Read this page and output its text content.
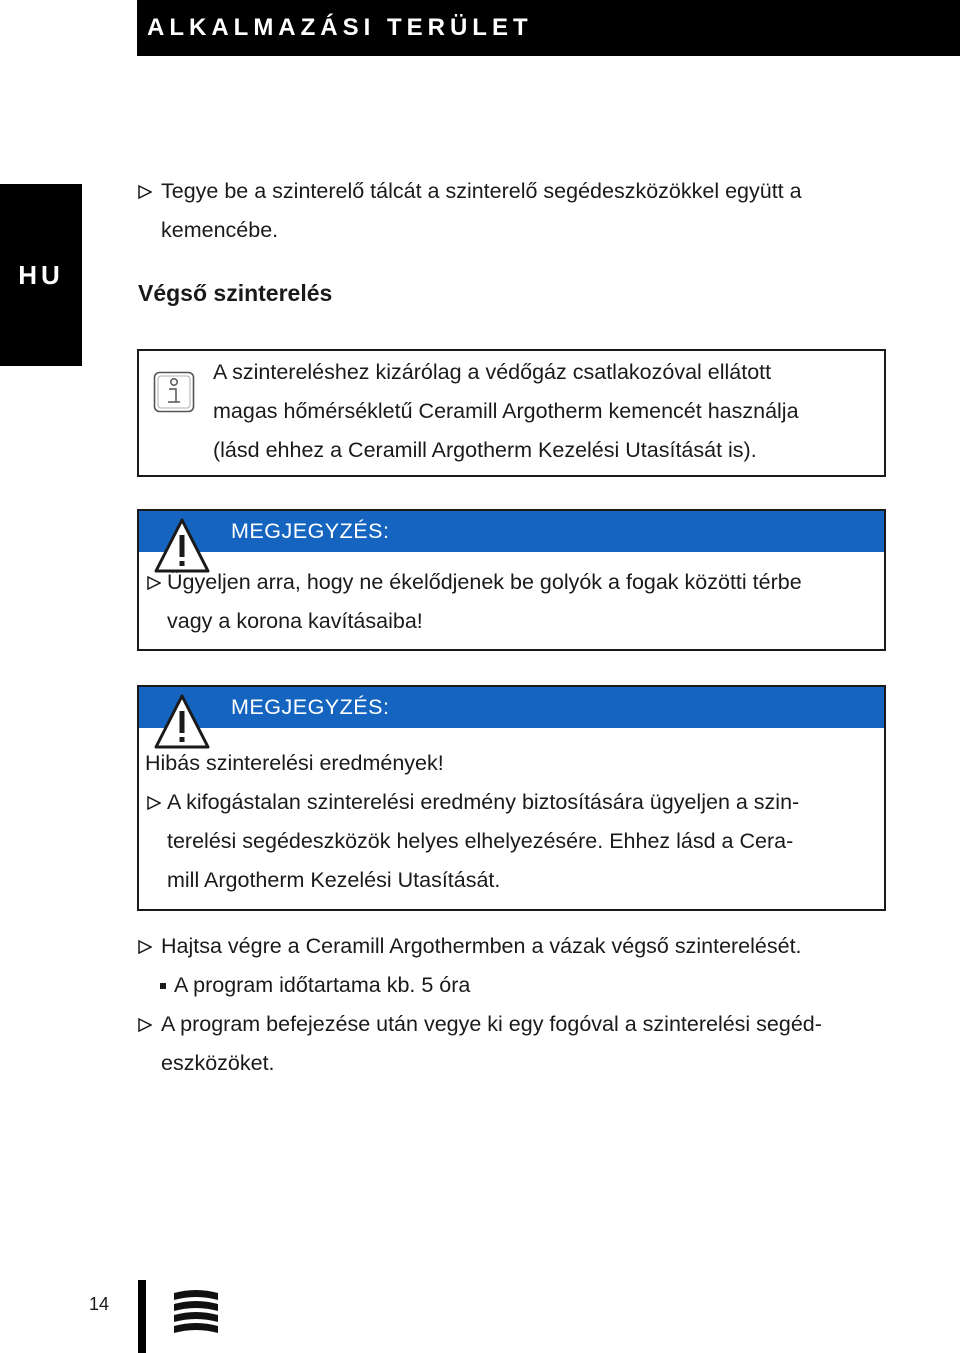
ALKALMAZÁSI TERÜLET
HU
Tegye be a szinterelő tálcát a szinterelő segédeszközökkel együtt a
kemencébe.
Végső szinterelés
A szintereléshez kizárólag a védőgáz csatlakozóval ellátott
magas hőmérsékletű Ceramill Argotherm kemencét használja
(lásd ehhez a Ceramill Argotherm Kezelési Utasítását is).
MEGJEGYZÉS:
Ügyeljen arra, hogy ne ékelődjenek be golyók a fogak közötti térbe
vagy a korona kavításaiba!
MEGJEGYZÉS:
Hibás szinterelési eredmények!
A kifogástalan szinterelési eredmény biztosítására ügyeljen a szin-
terelési segédeszközök helyes elhelyezésére. Ehhez lásd a Cera-
mill Argotherm Kezelési Utasítását.
Hajtsa végre a Ceramill Argothermben a vázak végső szinterelését.
A program időtartama kb. 5 óra
A program befejezése után vegye ki egy fogóval a szinterelési segéd-
eszközöket.
14
